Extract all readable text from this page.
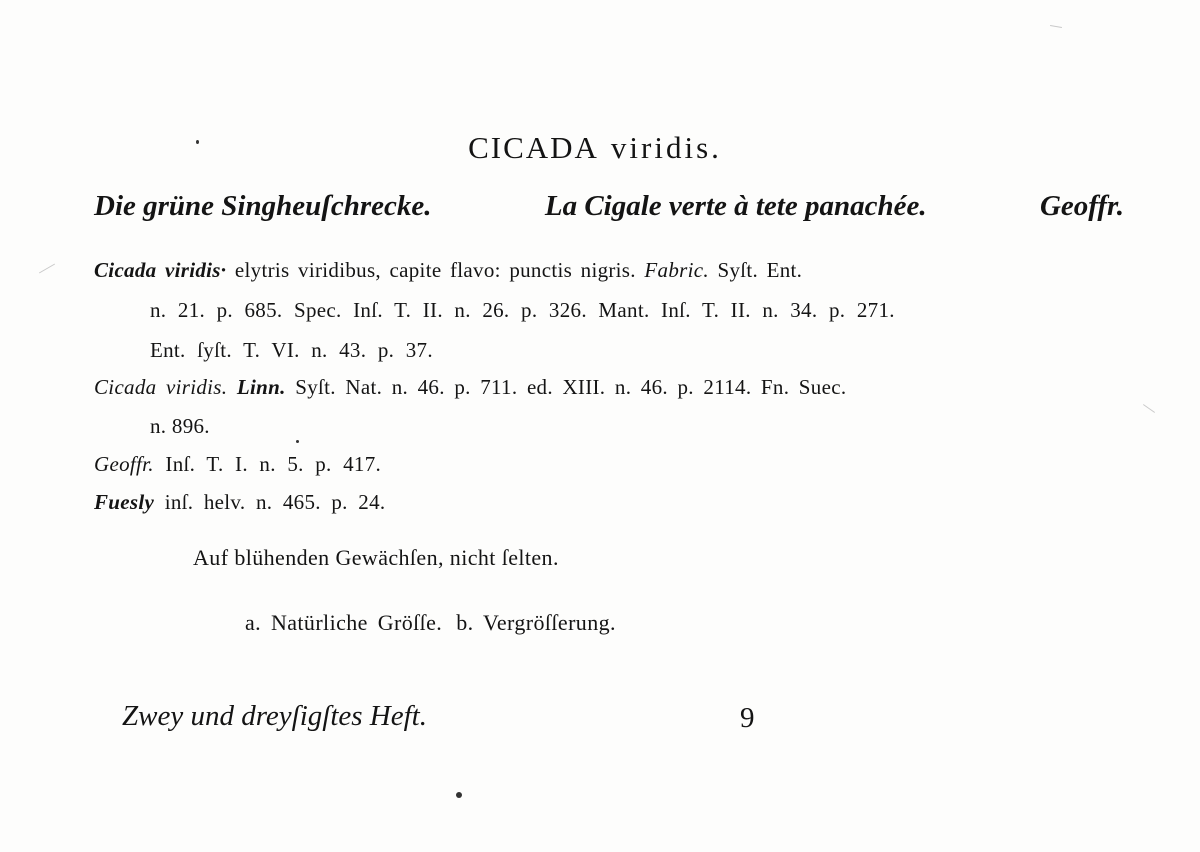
CICADA viridis.
Die grüne Singheuſchrecke.	La Cigale verte à tete panachée.	Geoffr.
Cicada viridis· elytris viridibus, capite flavo: punctis nigris. Fabric. Syſt. Ent.
n. 21. p. 685. Spec. Inſ. T. II. n. 26. p. 326. Mant. Inſ. T. II. n. 34. p. 271.
Ent. ſyſt. T. VI. n. 43. p. 37.
Cicada viridis. Linn. Syſt. Nat. n. 46. p. 711. ed. XIII. n. 46. p. 2114. Fn. Suec.
n. 896.
Geoffr. Inſ. T. I. n. 5. p. 417.
Fuesly inſ. helv. n. 465. p. 24.
Auf blühenden Gewächſen, nicht ſelten.
a. Natürliche Gröſſe. b. Vergröſſerung.
Zwey und dreyſigſtes Heft.	9
